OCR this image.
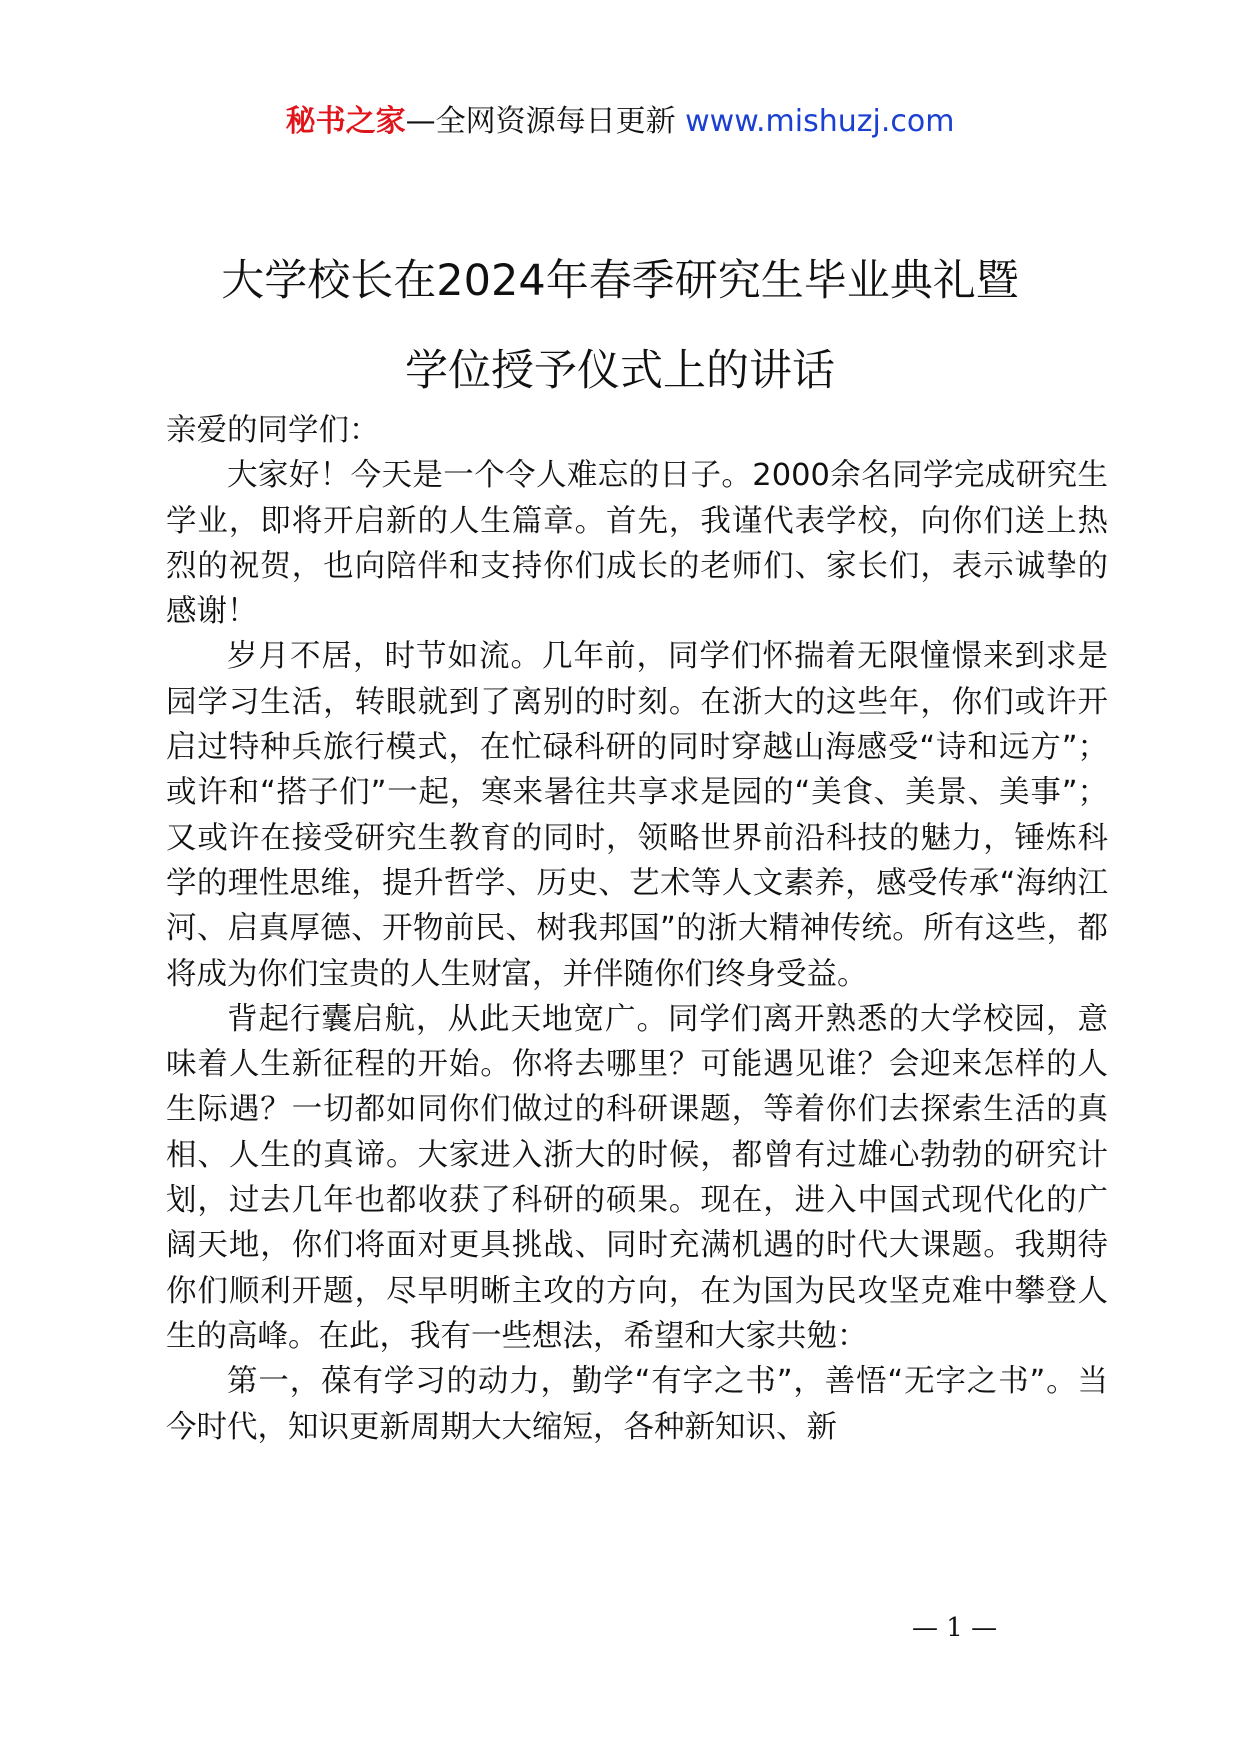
秘书之家—全网资源每日更新 www.mishuzj.com
大学校长在2024年春季研究生毕业典礼暨
学位授予仪式上的讲话

亲爱的同学们：

大家好！今天是一个令人难忘的日子。2000余名同学完成研究生学业，即将开启新的人生篇章。首先，我谨代表学校，向你们送上热烈的祝贺，也向陪伴和支持你们成长的老师们、家长们，表示诚挚的感谢！

岁月不居，时节如流。几年前，同学们怀揣着无限憧憬来到求是园学习生活，转眼就到了离别的时刻。在浙大的这些年，你们或许开启过特种兵旅行模式，在忙碌科研的同时穿越山海感受“诗和远方”；或许和“搭子们”一起，寒来暑往共享求是园的“美食、美景、美事”；又或许在接受研究生教育的同时，领略世界前沿科技的魅力，锤炼科学的理性思维，提升哲学、历史、艺术等人文素养，感受传承“海纳江河、启真厚德、开物前民、树我邦国”的浙大精神传统。所有这些，都将成为你们宝贵的人生财富，并伴随你们终身受益。

背起行囊启航，从此天地宽广。同学们离开熟悉的大学校园，意味着人生新征程的开始。你将去哪里？可能遇见谁？会迎来怎样的人生际遇？一切都如同你们做过的科研课题，等着你们去探索生活的真相、人生的真谛。大家进入浙大的时候，都曾有过雄心勃勃的研究计划，过去几年也都收获了科研的硕果。现在，进入中国式现代化的广阔天地，你们将面对更具挑战、同时充满机遇的时代大课题。我期待你们顺利开题，尽早明晰主攻的方向，在为国为民攻坚克难中攀登人生的高峰。在此，我有一些想法，希望和大家共勉：

第一，葆有学习的动力，勤学“有字之书”，善悟“无字之书”。当今时代，知识更新周期大大缩短，各种新知识、新

— 1 —
